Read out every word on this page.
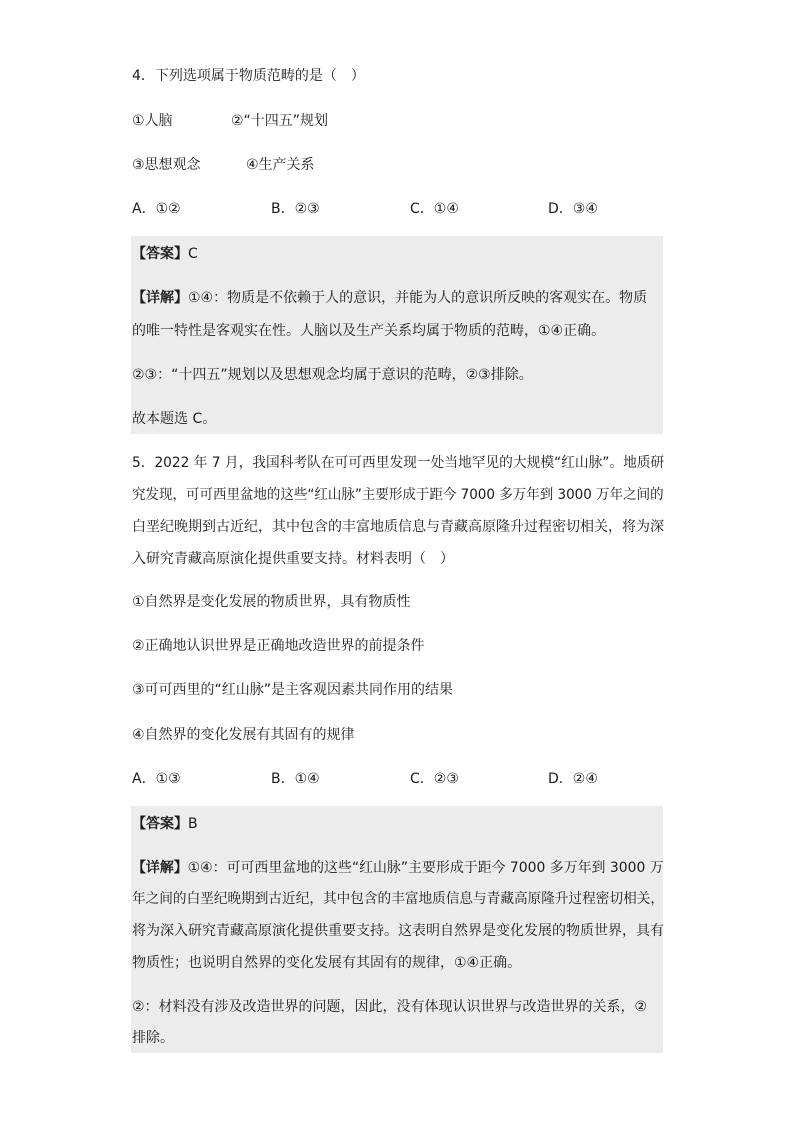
4．下列选项属于物质范畴的是（　）
①人脑	②“十四五”规划
③思想观念	④生产关系
A．①②	B．②③	C．①④	D．③④
【答案】C
【详解】①④：物质是不依赖于人的意识，并能为人的意识所反映的客观实在。物质
的唯一特性是客观实在性。人脑以及生产关系均属于物质的范畴，①④正确。
②③：“十四五”规划以及思想观念均属于意识的范畴，②③排除。
故本题选 C。
5．2022 年 7 月，我国科考队在可可西里发现一处当地罕见的大规模“红山脉”。地质研
究发现，可可西里盆地的这些“红山脉”主要形成于距今 7000 多万年到 3000 万年之间的
白垩纪晚期到古近纪，其中包含的丰富地质信息与青藏高原隆升过程密切相关，将为深
入研究青藏高原演化提供重要支持。材料表明（　）
①自然界是变化发展的物质世界，具有物质性
②正确地认识世界是正确地改造世界的前提条件
③可可西里的“红山脉”是主客观因素共同作用的结果
④自然界的变化发展有其固有的规律
A．①③	B．①④	C．②③	D．②④
【答案】B
【详解】①④：可可西里盆地的这些“红山脉”主要形成于距今 7000 多万年到 3000 万
年之间的白垩纪晚期到古近纪，其中包含的丰富地质信息与青藏高原隆升过程密切相关，
将为深入研究青藏高原演化提供重要支持。这表明自然界是变化发展的物质世界，具有
物质性；也说明自然界的变化发展有其固有的规律，①④正确。
②：材料没有涉及改造世界的问题，因此，没有体现认识世界与改造世界的关系，②
排除。
